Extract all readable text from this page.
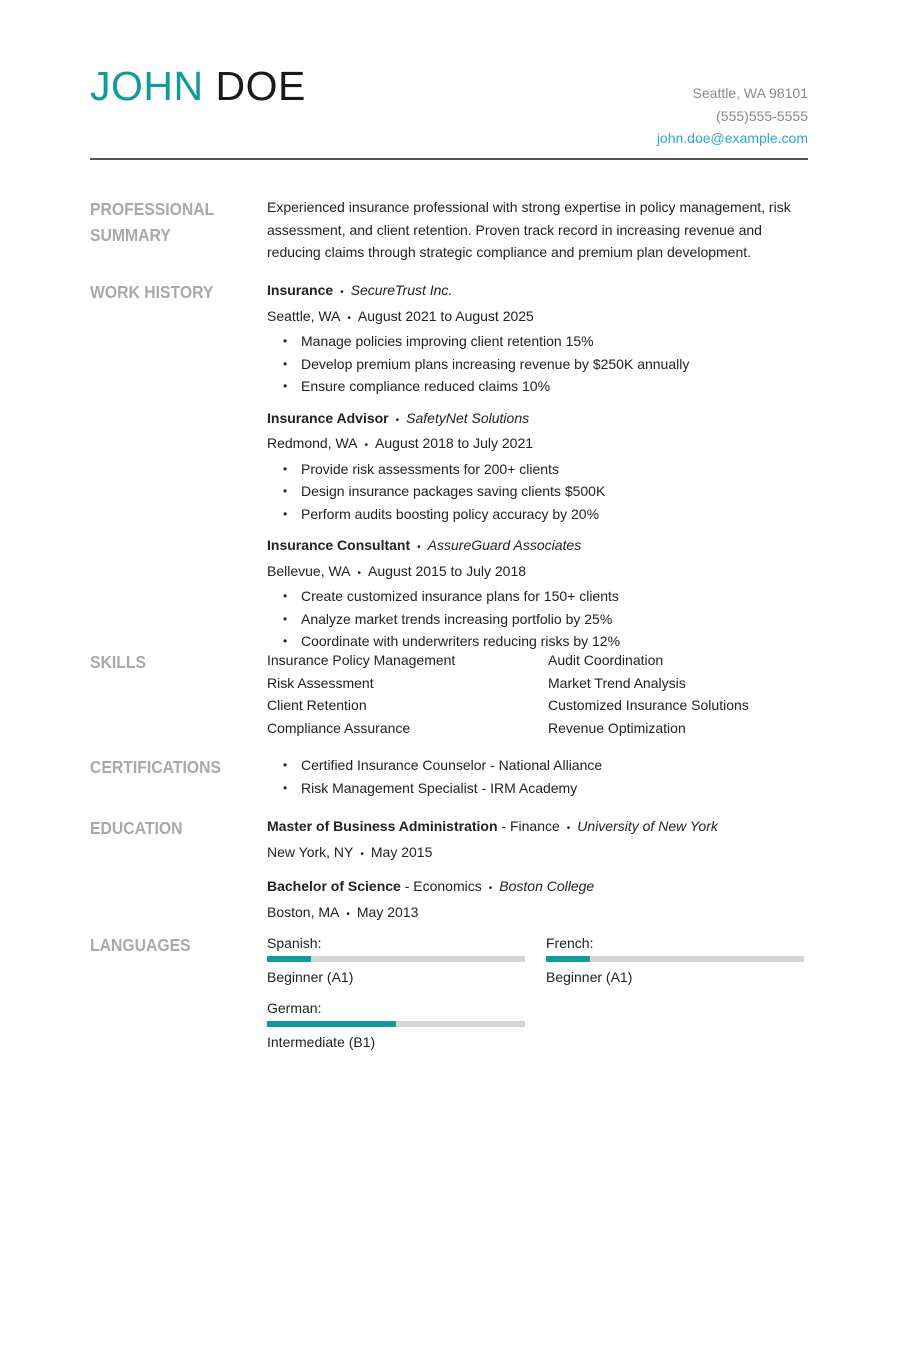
JOHN DOE	Seattle, WA 98101
(555)555-5555
john.doe@example.com
PROFESSIONAL
SUMMARY

Experienced insurance professional with strong expertise in policy management, risk assessment, and client retention. Proven track record in increasing revenue and reducing claims through strategic compliance and premium plan development.

WORK HISTORY	Insurance • SecureTrust Inc.
Seattle, WA • August 2021 to August 2025
• Manage policies improving client retention 15%
• Develop premium plans increasing revenue by $250K annually
• Ensure compliance reduced claims 10%
Insurance Advisor • SafetyNet Solutions
Redmond, WA • August 2018 to July 2021
• Provide risk assessments for 200+ clients
• Design insurance packages saving clients $500K
• Perform audits boosting policy accuracy by 20%
Insurance Consultant • AssureGuard Associates
Bellevue, WA • August 2015 to July 2018
• Create customized insurance plans for 150+ clients
• Analyze market trends increasing portfolio by 25%
• Coordinate with underwriters reducing risks by 12%
SKILLS	Insurance Policy Management	Audit Coordination
Risk Assessment	Market Trend Analysis
Client Retention	Customized Insurance Solutions
Compliance Assurance	Revenue Optimization
CERTIFICATIONS	• Certified Insurance Counselor - National Alliance
• Risk Management Specialist - IRM Academy
EDUCATION	Master of Business Administration - Finance • University of New York
New York, NY • May 2015
Bachelor of Science - Economics • Boston College
Boston, MA • May 2013
LANGUAGES	Spanish:
Beginner (A1)
French:
Beginner (A1)
German:
Intermediate (B1)
